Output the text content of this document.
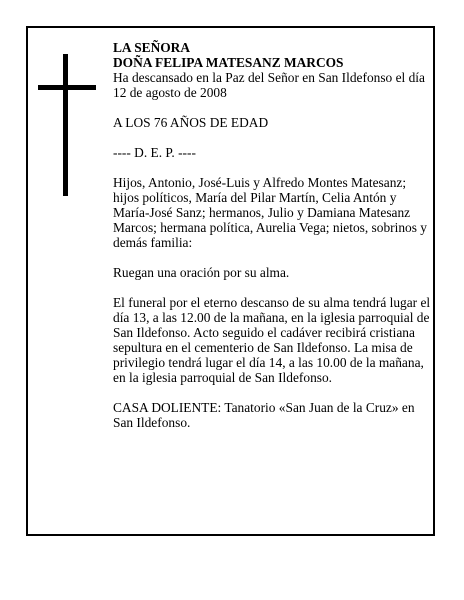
LA SEÑORA
DOÑA FELIPA MATESANZ MARCOS

Ha descansado en la Paz del Señor en San Ildefonso el día 12 de agosto de 2008

A LOS 76 AÑOS DE EDAD

---- D. E. P. ----

Hijos, Antonio, José-Luis y Alfredo Montes Matesanz; hijos políticos, María del Pilar Martín, Celia Antón y María-José Sanz; hermanos, Julio y Damiana Matesanz Marcos; hermana política, Aurelia Vega; nietos, sobrinos y demás familia:

Ruegan una oración por su alma.

El funeral por el eterno descanso de su alma tendrá lugar el día 13, a las 12.00 de la mañana, en la iglesia parroquial de San Ildefonso. Acto seguido el cadáver recibirá cristiana sepultura en el cementerio de San Ildefonso. La misa de privilegio tendrá lugar el día 14, a las 10.00 de la mañana, en la iglesia parroquial de San Ildefonso.

CASA DOLIENTE: Tanatorio «San Juan de la Cruz» en San Ildefonso.
